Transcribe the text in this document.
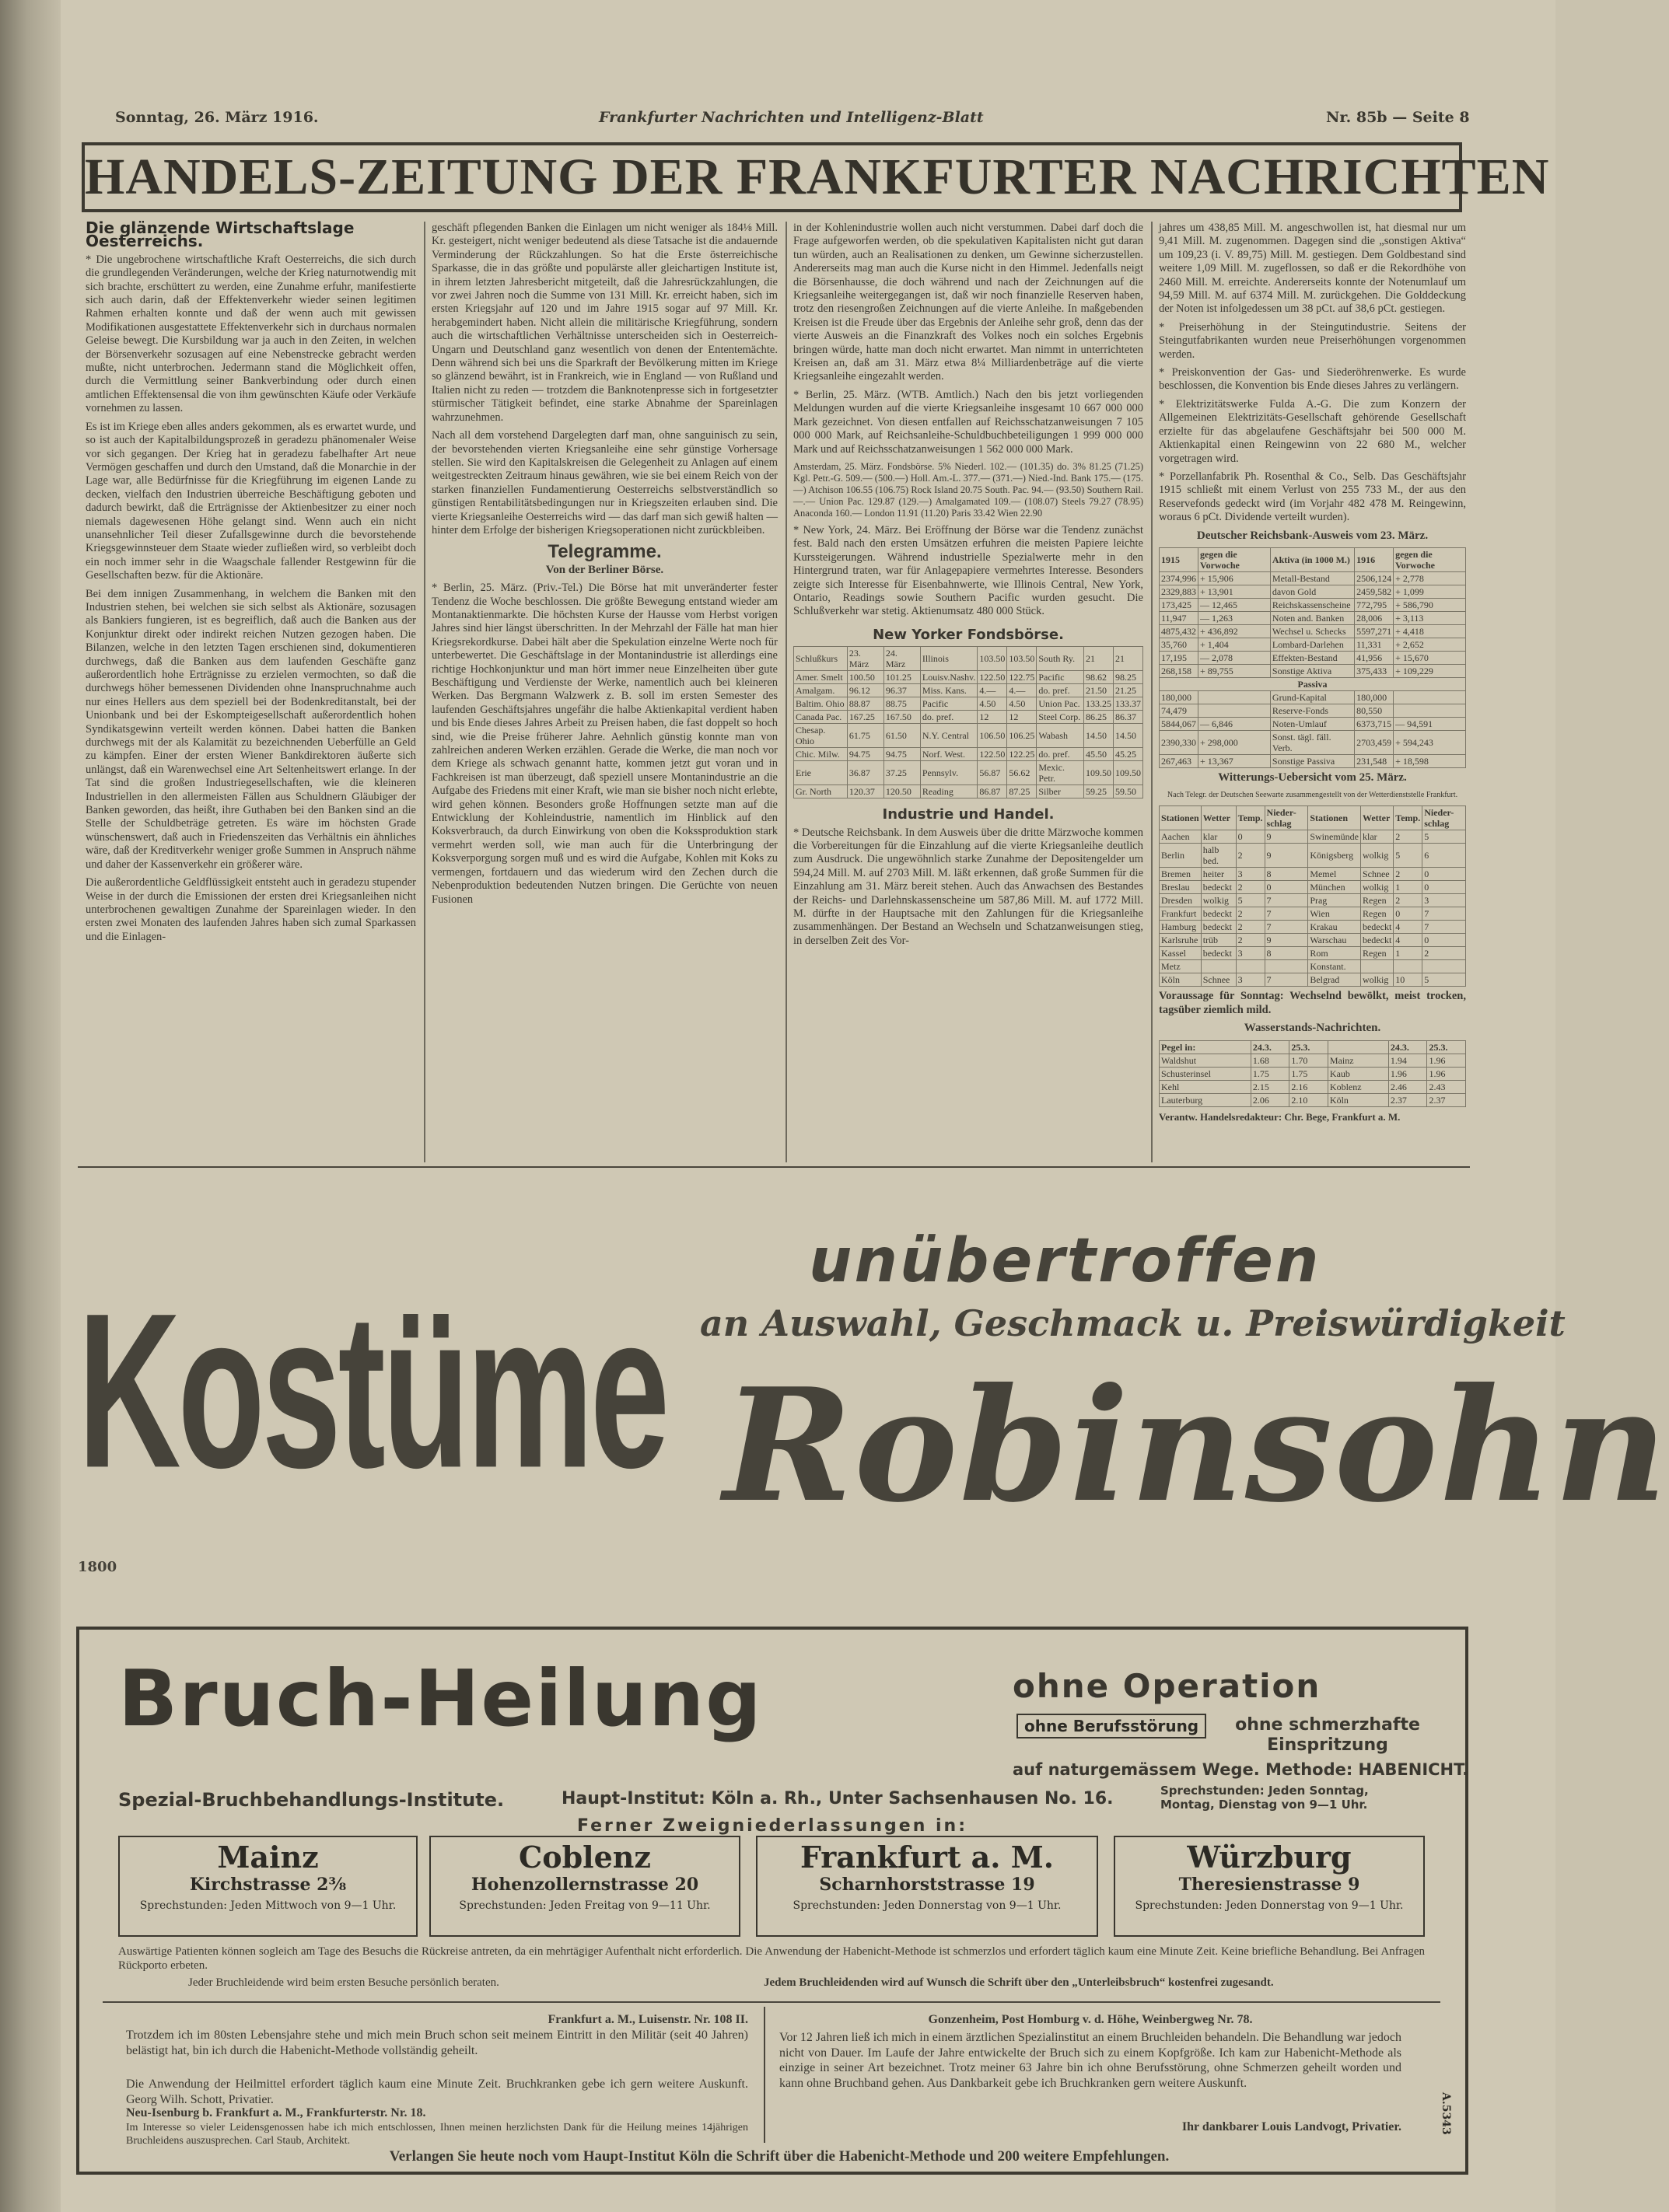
Sonntag, 26. März 1916.	Frankfurter Nachrichten und Intelligenz-Blatt	Nr. 85b — Seite 8
HANDELS-ZEITUNG DER FRANKFURTER NACHRICHTEN
Die glänzende Wirtschaftslage Oesterreichs.

* Die ungebrochene wirtschaftliche Kraft Oesterreichs, die sich durch die grundlegenden Veränderungen, welche der Krieg naturnotwendig mit sich brachte, erschüttert zu werden, eine Zunahme erfuhr, manifestierte sich auch darin, daß der Effektenverkehr wieder seinen legitimen Rahmen erhalten konnte und daß der wenn auch mit gewissen Modifikationen ausgestattete Effektenverkehr sich in durchaus normalen Geleise bewegt. Die Kursbildung war ja auch in den Zeiten, in welchen der Börsenverkehr sozusagen auf eine Nebenstrecke gebracht werden mußte, nicht unterbrochen. Jedermann stand die Möglichkeit offen, durch die Vermittlung seiner Bankverbindung oder durch einen amtlichen Effektensensal die von ihm gewünschten Käufe oder Verkäufe vornehmen zu lassen.

Es ist im Kriege eben alles anders gekommen, als es erwartet wurde, und so ist auch der Kapitalbildungsprozeß in geradezu phänomenaler Weise vor sich gegangen. Der Krieg hat in geradezu fabelhafter Art neue Vermögen geschaffen und durch den Umstand, daß die Monarchie in der Lage war, alle Bedürfnisse für die Kriegführung im eigenen Lande zu decken, vielfach den Industrien überreiche Beschäftigung geboten und dadurch bewirkt, daß die Erträgnisse der Aktienbesitzer zu einer noch niemals dagewesenen Höhe gelangt sind. Wenn auch ein nicht unansehnlicher Teil dieser Zufallsgewinne durch die bevorstehende Kriegsgewinnsteuer dem Staate wieder zufließen wird, so verbleibt doch ein noch immer sehr in die Waagschale fallender Restgewinn für die Gesellschaften bezw. für die Aktionäre.

Bei dem innigen Zusammenhang, in welchem die Banken mit den Industrien stehen, bei welchen sie sich selbst als Aktionäre, sozusagen als Bankiers fungieren, ist es begreiflich, daß auch die Banken aus der Konjunktur direkt oder indirekt reichen Nutzen gezogen haben. Die Bilanzen, welche in den letzten Tagen erschienen sind, dokumentieren durchwegs, daß die Banken aus dem laufenden Geschäfte ganz außerordentlich hohe Erträgnisse zu erzielen vermochten, so daß die durchwegs höher bemessenen Dividenden ohne Inanspruchnahme auch nur eines Hellers aus dem speziell bei der Bodenkreditanstalt, bei der Unionbank und bei der Eskompteigesellschaft außerordentlich hohen Syndikatsgewinn verteilt werden können. Dabei hatten die Banken durchwegs mit der als Kalamität zu bezeichnenden Ueberfülle an Geld zu kämpfen. Einer der ersten Wiener Bankdirektoren äußerte sich unlängst, daß ein Warenwechsel eine Art Seltenheitswert erlange. In der Tat sind die großen Industriegesellschaften, wie die kleineren Industriellen in den allermeisten Fällen aus Schuldnern Gläubiger der Banken geworden, das heißt, ihre Guthaben bei den Banken sind an die Stelle der Schuldbeträge getreten. Es wäre im höchsten Grade wünschenswert, daß auch in Friedenszeiten das Verhältnis ein ähnliches wäre, daß der Kreditverkehr weniger große Summen in Anspruch nähme und daher der Kassenverkehr ein größerer wäre.

Die außerordentliche Geldflüssigkeit entsteht auch in geradezu stupender Weise in der durch die Emissionen der ersten drei Kriegsanleihen nicht unterbrochenen gewaltigen Zunahme der Spareinlagen wieder. In den ersten zwei Monaten des laufenden Jahres haben sich zumal Sparkassen und die Einlagen-

geschäft pflegenden Banken die Einlagen um nicht weniger als 184⅛ Mill. Kr. gesteigert, nicht weniger bedeutend als diese Tatsache ist die andauernde Verminderung der Rückzahlungen. So hat die Erste österreichische Sparkasse, die in das größte und populärste aller gleichartigen Institute ist, in ihrem letzten Jahresbericht mitgeteilt, daß die Jahresrückzahlungen, die vor zwei Jahren noch die Summe von 131 Mill. Kr. erreicht haben, sich im ersten Kriegsjahr auf 120 und im Jahre 1915 sogar auf 97 Mill. Kr. herabgemindert haben. Nicht allein die militärische Kriegführung, sondern auch die wirtschaftlichen Verhältnisse unterscheiden sich in Oesterreich-Ungarn und Deutschland ganz wesentlich von denen der Ententemächte. Denn während sich bei uns die Sparkraft der Bevölkerung mitten im Kriege so glänzend bewährt, ist in Frankreich, wie in England — von Rußland und Italien nicht zu reden — trotzdem die Banknotenpresse sich in fortgesetzter stürmischer Tätigkeit befindet, eine starke Abnahme der Spareinlagen wahrzunehmen.

Nach all dem vorstehend Dargelegten darf man, ohne sanguinisch zu sein, der bevorstehenden vierten Kriegsanleihe eine sehr günstige Vorhersage stellen. Sie wird den Kapitalskreisen die Gelegenheit zu Anlagen auf einem weitgestreckten Zeitraum hinaus gewähren, wie sie bei einem Reich von der starken finanziellen Fundamentierung Oesterreichs selbstverständlich so günstigen Rentabilitätsbedingungen nur in Kriegszeiten erlauben sind. Die vierte Kriegsanleihe Oesterreichs wird — das darf man sich gewiß halten — hinter dem Erfolge der bisherigen Kriegsoperationen nicht zurückbleiben.

Telegramme.
Von der Berliner Börse.

* Berlin, 25. März. (Priv.-Tel.) Die Börse hat mit unveränderter fester Tendenz die Woche beschlossen. Die größte Bewegung entstand wieder am Montanaktienmarkte. Die höchsten Kurse der Hausse vom Herbst vorigen Jahres sind hier längst überschritten. In der Mehrzahl der Fälle hat man hier Kriegsrekordkurse. Dabei hält aber die Spekulation einzelne Werte noch für unterbewertet. Die Geschäftslage in der Montanindustrie ist allerdings eine richtige Hochkonjunktur und man hört immer neue Einzelheiten über gute Beschäftigung und Verdienste der Werke, namentlich auch bei kleineren Werken. Das Bergmann Walzwerk z. B. soll im ersten Semester des laufenden Geschäftsjahres ungefähr die halbe Aktienkapital verdient haben und bis Ende dieses Jahres Arbeit zu Preisen haben, die fast doppelt so hoch sind, wie die Preise früherer Jahre. Aehnlich günstig konnte man von zahlreichen anderen Werken erzählen. Gerade die Werke, die man noch vor dem Kriege als schwach genannt hatte, kommen jetzt gut voran und in Fachkreisen ist man überzeugt, daß speziell unsere Montanindustrie an die Aufgabe des Friedens mit einer Kraft, wie man sie bisher noch nicht erlebte, wird gehen können. Besonders große Hoffnungen setzte man auf die Entwicklung der Kohleindustrie, namentlich im Hinblick auf den Koksverbrauch, da durch Einwirkung von oben die Kokssproduktion stark vermehrt werden soll, wie man auch für die Unterbringung der Koksverporgung sorgen muß und es wird die Aufgabe, Kohlen mit Koks zu vermengen, fortdauern und das wiederum wird den Zechen durch die Nebenproduktion bedeutenden Nutzen bringen. Die Gerüchte von neuen Fusionen

in der Kohlenindustrie wollen auch nicht verstummen. Dabei darf doch die Frage aufgeworfen werden, ob die spekulativen Kapitalisten nicht gut daran tun würden, auch an Realisationen zu denken, um Gewinne sicherzustellen. Andererseits mag man auch die Kurse nicht in den Himmel. Jedenfalls neigt die Börsenhausse, die doch während und nach der Zeichnungen auf die Kriegsanleihe weitergegangen ist, daß wir noch finanzielle Reserven haben, trotz den riesengroßen Zeichnungen auf die vierte Anleihe. In maßgebenden Kreisen ist die Freude über das Ergebnis der Anleihe sehr groß, denn das der vierte Ausweis an die Finanzkraft des Volkes noch ein solches Ergebnis bringen würde, hatte man doch nicht erwartet. Man nimmt in unterrichteten Kreisen an, daß am 31. März etwa 8¼ Milliardenbeträge auf die vierte Kriegsanleihe eingezahlt werden.

* Berlin, 25. März. (WTB. Amtlich.) Nach den bis jetzt vorliegenden Meldungen wurden auf die vierte Kriegsanleihe insgesamt 10 667 000 000 Mark gezeichnet. Von diesen entfallen auf Reichsschatzanweisungen 7 105 000 000 Mark, auf Reichsanleihe-Schuldbuchbeteiligungen 1 999 000 000 Mark und auf Reichsschatzanweisungen 1 562 000 000 Mark.

Amsterdam, 25. März. Fondsbörse. 5% Niederl. 102.— (101.35) do. 3% 81.25 (71.25) Kgl. Petr.-G. 509.— (500.—) Holl. Am.-L. 377.— (371.—) Nied.-Ind. Bank 175.— (175.—) Atchison 106.55 (106.75) Rock Island 20.75 South. Pac. 94.— (93.50) Southern Rail. —.— Union Pac. 129.87 (129.—) Amalgamated 109.— (108.07) Steels 79.27 (78.95) Anaconda 160.— London 11.91 (11.20) Paris 33.42 Wien 22.90

* New York, 24. März. Bei Eröffnung der Börse war die Tendenz zunächst fest. Bald nach den ersten Umsätzen erfuhren die meisten Papiere leichte Kurssteigerungen. Während industrielle Spezialwerte mehr in den Hintergrund traten, war für Anlagepapiere vermehrtes Interesse. Besonders zeigte sich Interesse für Eisenbahnwerte, wie Illinois Central, New York, Ontario, Readings sowie Southern Pacific wurden gesucht. Die Schlußverkehr war stetig. Aktienumsatz 480 000 Stück.

New Yorker Fondsbörse.
Schlußkurs	23. März	24. März	Illinois	103.50	103.50	South Ry.	21	21
Amer. Smelt	100.50	101.25	Louisv.Nashv.	122.50	122.75	Pacific	98.62	98.25
Amalgam.	96.12	96.37	Miss. Kans.	4.—	4.—	do. pref.	21.50	21.25
Baltim. Ohio	88.87	88.75	Pacific	4.50	4.50	Union Pac.	133.25	133.37
Canada Pac.	167.25	167.50	do. pref.	12	12	Steel Corp.	86.25	86.37
Chesap. Ohio	61.75	61.50	N.Y. Central	106.50	106.25	Wabash	14.50	14.50
Chic. Milw.	94.75	94.75	Norf. West.	122.50	122.25	do. pref.	45.50	45.25
Erie	36.87	37.25	Pennsylv.	56.87	56.62	Mexic. Petr.	109.50	109.50
Gr. North	120.37	120.50	Reading	86.87	87.25	Silber	59.25	59.50
Industrie und Handel.

* Deutsche Reichsbank. In dem Ausweis über die dritte Märzwoche kommen die Vorbereitungen für die Einzahlung auf die vierte Kriegsanleihe deutlich zum Ausdruck. Die ungewöhnlich starke Zunahme der Depositengelder um 594,24 Mill. M. auf 2703 Mill. M. läßt erkennen, daß große Summen für die Einzahlung am 31. März bereit stehen. Auch das Anwachsen des Bestandes der Reichs- und Darlehnskassenscheine um 587,86 Mill. M. auf 1772 Mill. M. dürfte in der Hauptsache mit den Zahlungen für die Kriegsanleihe zusammenhängen. Der Bestand an Wechseln und Schatzanweisungen stieg, in derselben Zeit des Vor-

jahres um 438,85 Mill. M. angeschwollen ist, hat diesmal nur um 9,41 Mill. M. zugenommen. Dagegen sind die „sonstigen Aktiva“ um 109,23 (i. V. 89,75) Mill. M. gestiegen. Dem Goldbestand sind weitere 1,09 Mill. M. zugeflossen, so daß er die Rekordhöhe von 2460 Mill. M. erreichte. Andererseits konnte der Notenumlauf um 94,59 Mill. M. auf 6374 Mill. M. zurückgehen. Die Golddeckung der Noten ist infolgedessen um 38 pCt. auf 38,6 pCt. gestiegen.

* Preiserhöhung in der Steingutindustrie. Seitens der Steingutfabrikanten wurden neue Preiserhöhungen vorgenommen werden.

* Preiskonvention der Gas- und Siederöhrenwerke. Es wurde beschlossen, die Konvention bis Ende dieses Jahres zu verlängern.

* Elektrizitätswerke Fulda A.-G. Die zum Konzern der Allgemeinen Elektrizitäts-Gesellschaft gehörende Gesellschaft erzielte für das abgelaufene Geschäftsjahr bei 500 000 M. Aktienkapital einen Reingewinn von 22 680 M., welcher vorgetragen wird.

* Porzellanfabrik Ph. Rosenthal & Co., Selb. Das Geschäftsjahr 1915 schließt mit einem Verlust von 255 733 M., der aus den Reservefonds gedeckt wird (im Vorjahr 482 478 M. Reingewinn, woraus 6 pCt. Dividende verteilt wurden).

Deutscher Reichsbank-Ausweis vom 23. März.
1915	gegen die Vorwoche	Aktiva (in 1000 M.)	1916	gegen die Vorwoche
2374,996	+ 15,906	Metall-Bestand	2506,124	+ 2,778
2329,883	+ 13,901	davon Gold	2459,582	+ 1,099
173,425	— 12,465	Reichskassenscheine	772,795	+ 586,790
11,947	— 1,263	Noten and. Banken	28,006	+ 3,113
4875,432	+ 436,892	Wechsel u. Schecks	5597,271	+ 4,418
35,760	+ 1,404	Lombard-Darlehen	11,331	+ 2,652
17,195	— 2,078	Effekten-Bestand	41,956	+ 15,670
268,158	+ 89,755	Sonstige Aktiva	375,433	+ 109,229
Passiva				
180,000		Grund-Kapital	180,000	
74,479		Reserve-Fonds	80,550	
5844,067	— 6,846	Noten-Umlauf	6373,715	— 94,591
2390,330	+ 298,000	Sonst. tägl. fäll. Verb.	2703,459	+ 594,243
267,463	+ 13,367	Sonstige Passiva	231,548	+ 18,598
Witterungs-Uebersicht vom 25. März.

Nach Telegr. der Deutschen Seewarte zusammengestellt von der Wetterdienststelle Frankfurt.

Stationen	Wetter	Temp.	Nieder-schlag	Stationen	Wetter	Temp.	Nieder-schlag
Aachen	klar	0	9	Swinemünde	klar	2	5
Berlin	halb bed.	2	9	Königsberg	wolkig	5	6
Bremen	heiter	3	8	Memel	Schnee	2	0
Breslau	bedeckt	2	0	München	wolkig	1	0
Dresden	wolkig	5	7	Prag	Regen	2	3
Frankfurt	bedeckt	2	7	Wien	Regen	0	7
Hamburg	bedeckt	2	7	Krakau	bedeckt	4	7
Karlsruhe	trüb	2	9	Warschau	bedeckt	4	0
Kassel	bedeckt	3	8	Rom	Regen	1	2
Metz				Konstant.			
Köln	Schnee	3	7	Belgrad	wolkig	10	5

Voraussage für Sonntag: Wechselnd bewölkt, meist trocken, tagsüber ziemlich mild.

Wasserstands-Nachrichten.
Pegel in:	24.3.	25.3.		24.3.	25.3.
Waldshut	1.68	1.70	Mainz	1.94	1.96
Schusterinsel	1.75	1.75	Kaub	1.96	1.96
Kehl	2.15	2.16	Koblenz	2.46	2.43
Lauterburg	2.06	2.10	Köln	2.37	2.37

Verantw. Handelsredakteur: Chr. Bege, Frankfurt a. M.

Kostüme
unübertroffen
an Auswahl, Geschmack u. Preiswürdigkeit
Robinsohn
1800
Bruch-Heilung	ohne Operation
ohne Berufsstörung	ohne schmerzhafte Einspritzung
auf naturgemässem Wege. Methode: HABENICHT.
Spezial-Bruchbehandlungs-Institute.	Haupt-Institut: Köln a. Rh., Unter Sachsenhausen No. 16.	Sprechstunden: Jeden Sonntag, Montag, Dienstag von 9—1 Uhr.
Ferner Zweigniederlassungen in:
Mainz
Kirchstrasse 2⅜
Sprechstunden: Jeden Mittwoch von 9—1 Uhr.
Coblenz
Hohenzollernstrasse 20
Sprechstunden: Jeden Freitag von 9—11 Uhr.
Frankfurt a. M.
Scharnhorststrasse 19
Sprechstunden: Jeden Donnerstag von 9—1 Uhr.
Würzburg
Theresienstrasse 9
Sprechstunden: Jeden Donnerstag von 9—1 Uhr.
Auswärtige Patienten können sogleich am Tage des Besuchs die Rückreise antreten, da ein mehrtägiger Aufenthalt nicht erforderlich. Die Anwendung der Habenicht-Methode ist schmerzlos und erfordert täglich kaum eine Minute Zeit. Keine briefliche Behandlung. Bei Anfragen Rückporto erbeten.
Jeder Bruchleidende wird beim ersten Besuche persönlich beraten.	Jedem Bruchleidenden wird auf Wunsch die Schrift über den „Unterleibsbruch“ kostenfrei zugesandt.
Frankfurt a. M., Luisenstr. Nr. 108 II.
Trotzdem ich im 80sten Lebensjahre stehe und mich mein Bruch schon seit meinem Eintritt in den Militär (seit 40 Jahren) belästigt hat, bin ich durch die Habenicht-Methode vollständig geheilt.
Die Anwendung der Heilmittel erfordert täglich kaum eine Minute Zeit. Bruchkranken gebe ich gern weitere Auskunft. Georg Wilh. Schott, Privatier.
Neu-Isenburg b. Frankfurt a. M., Frankfurterstr. Nr. 18.
Im Interesse so vieler Leidensgenossen habe ich mich entschlossen, Ihnen meinen herzlichsten Dank für die Heilung meines 14jährigen Bruchleidens auszusprechen. Carl Staub, Architekt.
Gonzenheim, Post Homburg v. d. Höhe, Weinbergweg Nr. 78.
Vor 12 Jahren ließ ich mich in einem ärztlichen Spezialinstitut an einem Bruchleiden behandeln. Die Behandlung war jedoch nicht von Dauer. Im Laufe der Jahre entwickelte der Bruch sich zu einem Kopfgröße. Ich kam zur Habenicht-Methode als einzige in seiner Art bezeichnet. Trotz meiner 63 Jahre bin ich ohne Berufsstörung, ohne Schmerzen geheilt worden und kann ohne Bruchband gehen. Aus Dankbarkeit gebe ich Bruchkranken gern weitere Auskunft.
Ihr dankbarer Louis Landvogt, Privatier.
Verlangen Sie heute noch vom Haupt-Institut Köln die Schrift über die Habenicht-Methode und 200 weitere Empfehlungen.
A.5343
